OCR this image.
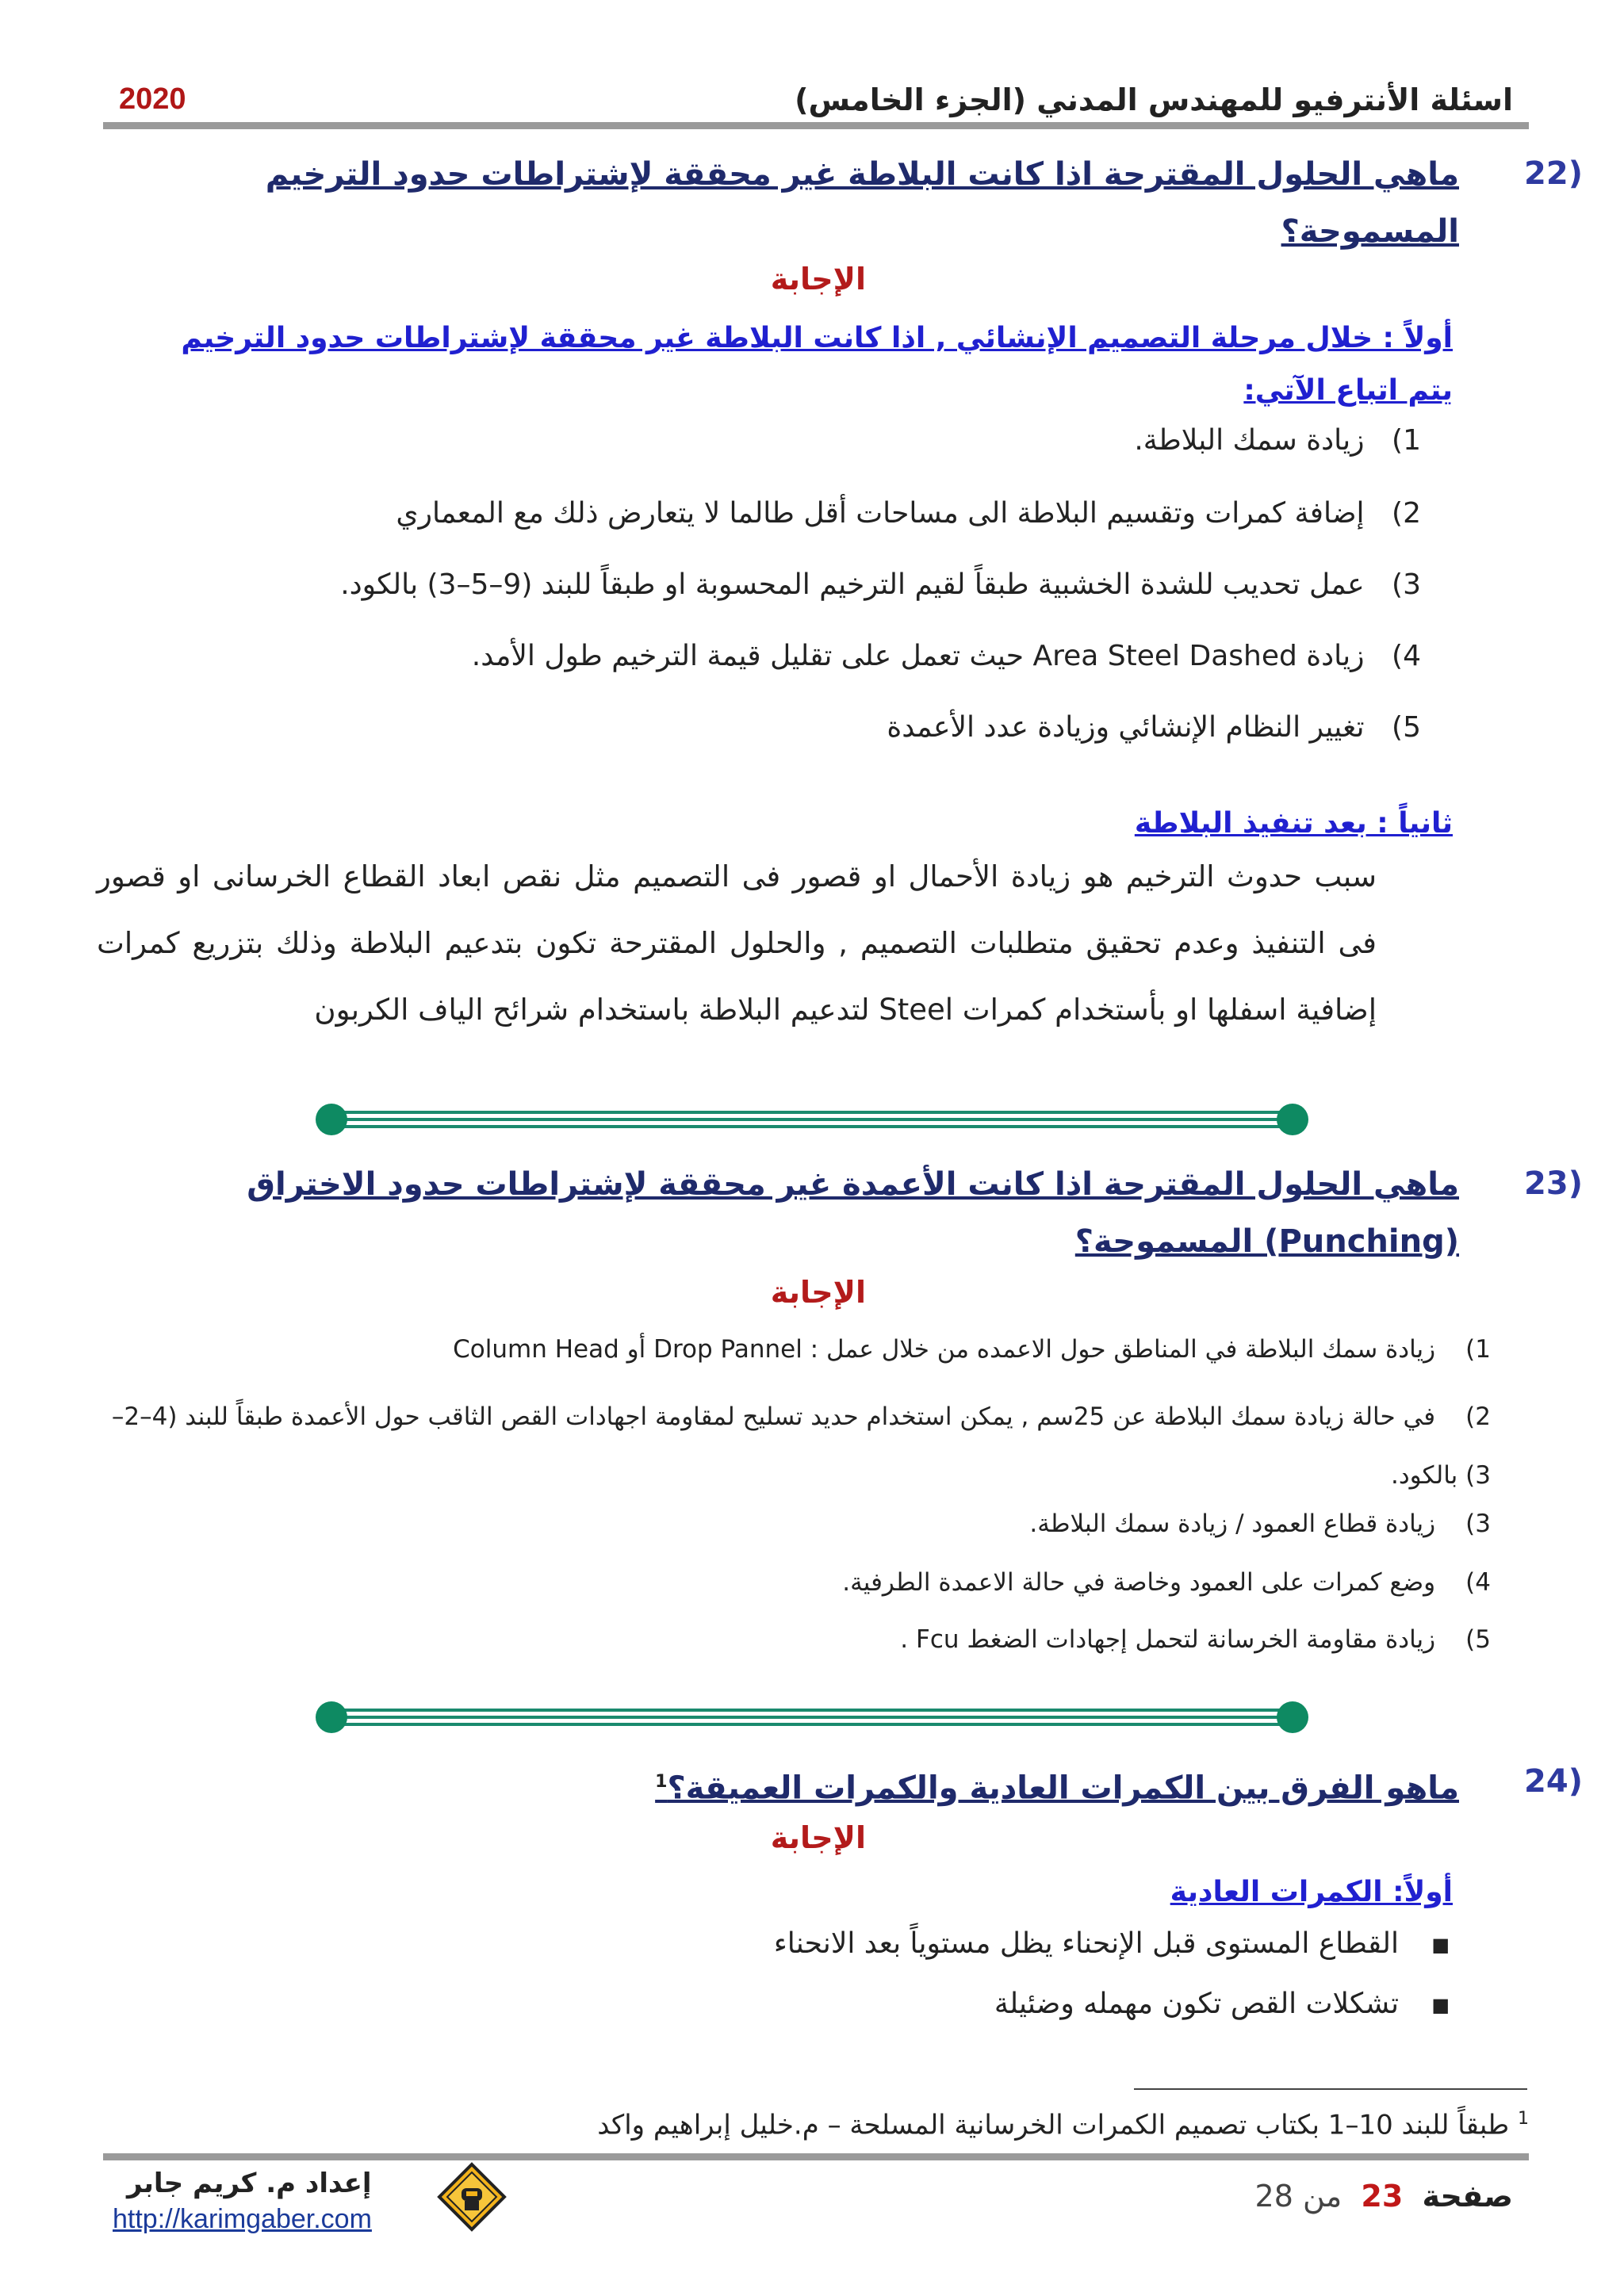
اسئلة الأنترفيو للمهندس المدني (الجزء الخامس)
2020
22)
ماهي الحلول المقترحة اذا كانت البلاطة غير محققة لإشتراطات حدود الترخيم المسموحة؟
الإجابة
أولاً : خلال مرحلة التصميم الإنشائي , اذا كانت البلاطة غير محققة لإشتراطات حدود الترخيم يتم اتباع الآتي:
1) زيادة سمك البلاطة.
2) إضافة كمرات وتقسيم البلاطة الى مساحات أقل طالما لا يتعارض ذلك مع المعماري
3) عمل تحديب للشدة الخشبية طبقاً لقيم الترخيم المحسوبة او طبقاً للبند (9–5–3) بالكود.
4) زيادة Area Steel Dashed حيث تعمل على تقليل قيمة الترخيم طول الأمد.
5) تغيير النظام الإنشائي وزيادة عدد الأعمدة
ثانياً : بعد تنفيذ البلاطة
سبب حدوث الترخيم هو زيادة الأحمال او قصور فى التصميم مثل نقص ابعاد القطاع الخرسانى او قصور فى التنفيذ وعدم تحقيق متطلبات التصميم , والحلول المقترحة تكون بتدعيم البلاطة وذلك بتزريع كمرات إضافية اسفلها او بأستخدام كمرات Steel لتدعيم البلاطة باستخدام شرائح الياف الكربون
23)
ماهي الحلول المقترحة اذا كانت الأعمدة غير محققة لإشتراطات حدود الاختراق (Punching) المسموحة؟
الإجابة
1) زيادة سمك البلاطة في المناطق حول الاعمده من خلال عمل : Drop Pannel أو Column Head
2) في حالة زيادة سمك البلاطة عن 25سم , يمكن استخدام حديد تسليح لمقاومة اجهادات القص الثاقب حول الأعمدة طبقاً للبند (4–2–3) بالكود.
3) زيادة قطاع العمود / زيادة سمك البلاطة.
4) وضع كمرات على العمود وخاصة في حالة الاعمدة الطرفية.
5) زيادة مقاومة الخرسانة لتحمل إجهادات الضغط Fcu .
24)
ماهو الفرق بين الكمرات العادية والكمرات العميقة؟$^1$
الإجابة
أولاً: الكمرات العادية
■القطاع المستوى قبل الإنحناء يظل مستوياً بعد الانحناء
■تشكلات القص تكون مهمله وضئيلة
$^1$ طبقاً للبند 10–1 بكتاب تصميم الكمرات الخرسانية المسلحة – م.خليل إبراهيم واكد
إعداد م. كريم جابر
http://karimgaber.com
صفحة  23  من 28
